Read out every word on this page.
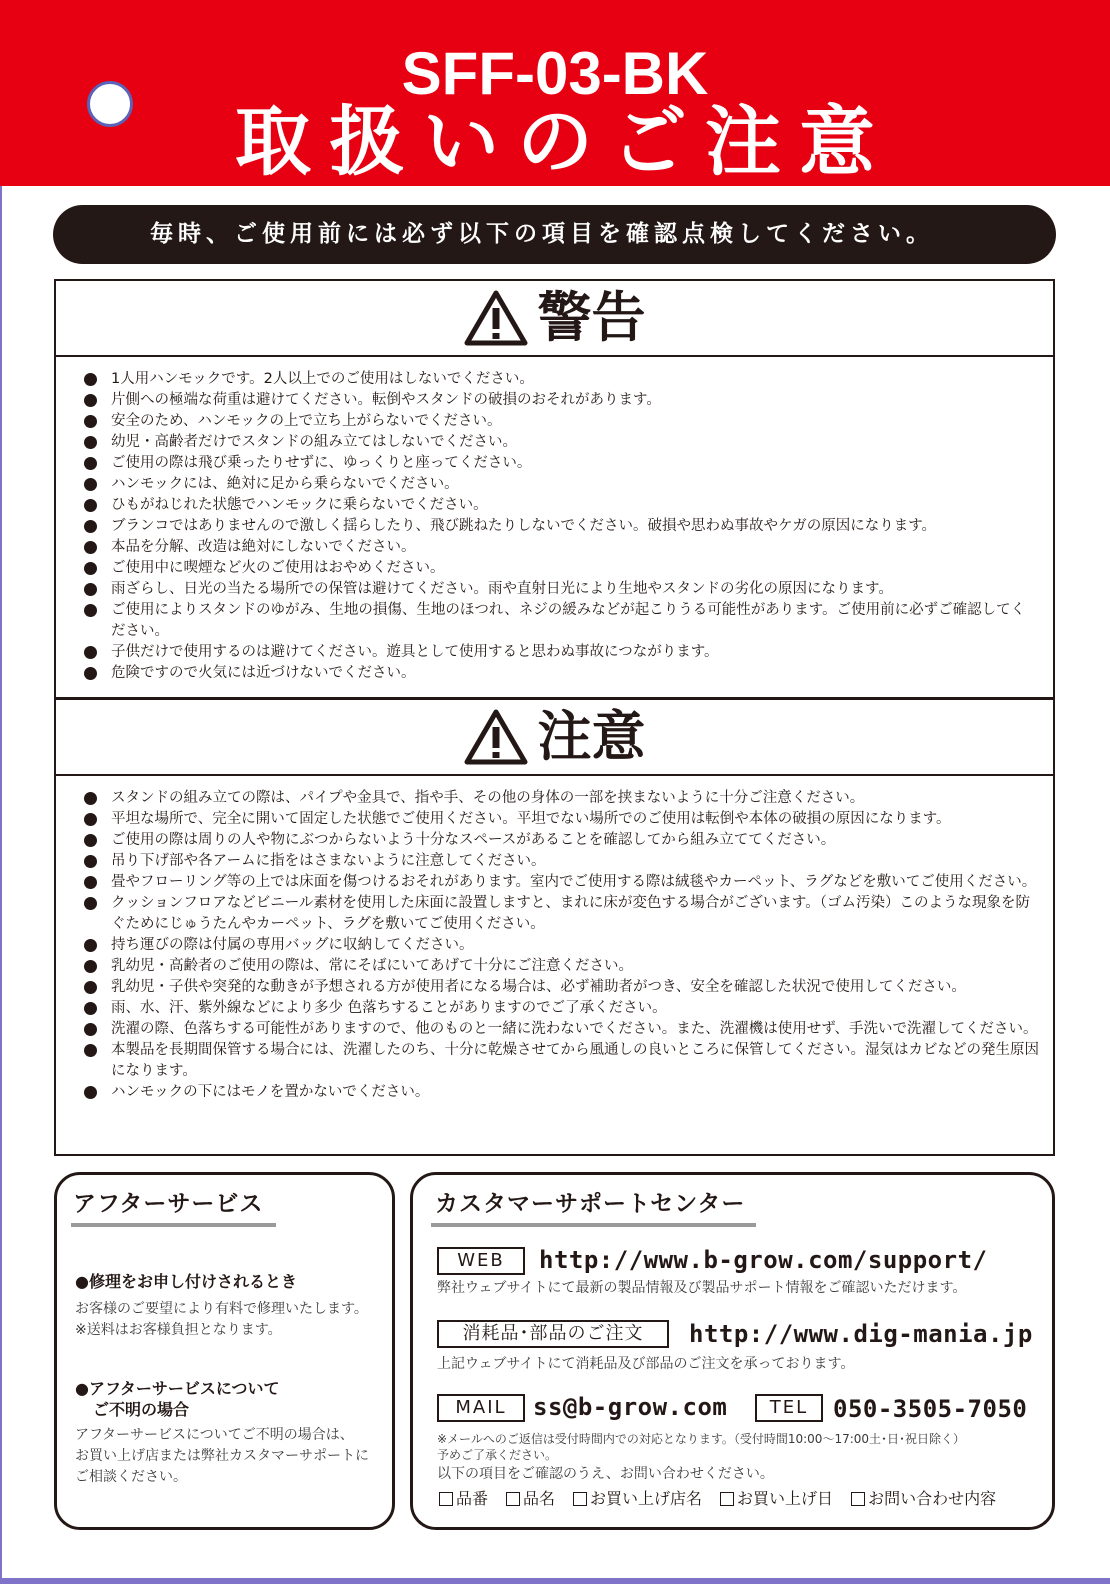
SFF-03-BK
取扱いのご注意
毎時、ご使用前には必ず以下の項目を確認点検してください。
警告
1人用ハンモックです。2人以上でのご使用はしないでください。
片側への極端な荷重は避けてください。転倒やスタンドの破損のおそれがあります。
安全のため、ハンモックの上で立ち上がらないでください。
幼児・高齢者だけでスタンドの組み立てはしないでください。
ご使用の際は飛び乗ったりせずに、ゆっくりと座ってください。
ハンモックには、絶対に足から乗らないでください。
ひもがねじれた状態でハンモックに乗らないでください。
ブランコではありませんので激しく揺らしたり、飛び跳ねたりしないでください。破損や思わぬ事故やケガの原因になります。
本品を分解、改造は絶対にしないでください。
ご使用中に喫煙など火のご使用はおやめください。
雨ざらし、日光の当たる場所での保管は避けてください。雨や直射日光により生地やスタンドの劣化の原因になります。
ご使用によりスタンドのゆがみ、生地の損傷、生地のほつれ、ネジの緩みなどが起こりうる可能性があります。ご使用前に必ずご確認してください。
子供だけで使用するのは避けてください。遊具として使用すると思わぬ事故につながります。
危険ですので火気には近づけないでください。
注意
スタンドの組み立ての際は、パイプや金具で、指や手、その他の身体の一部を挟まないように十分ご注意ください。
平坦な場所で、完全に開いて固定した状態でご使用ください。平坦でない場所でのご使用は転倒や本体の破損の原因になります。
ご使用の際は周りの人や物にぶつからないよう十分なスペースがあることを確認してから組み立ててください。
吊り下げ部や各アームに指をはさまないように注意してください。
畳やフローリング等の上では床面を傷つけるおそれがあります。室内でご使用する際は絨毯やカーペット、ラグなどを敷いてご使用ください。
クッションフロアなどビニール素材を使用した床面に設置しますと、まれに床が変色する場合がございます。（ゴム汚染）このような現象を防ぐためにじゅうたんやカーペット、ラグを敷いてご使用ください。
持ち運びの際は付属の専用バッグに収納してください。
乳幼児・高齢者のご使用の際は、常にそばにいてあげて十分にご注意ください。
乳幼児・子供や突発的な動きが予想される方が使用者になる場合は、必ず補助者がつき、安全を確認した状況で使用してください。
雨、水、汗、紫外線などにより多少 色落ちすることがありますのでご了承ください。
洗濯の際、色落ちする可能性がありますので、他のものと一緒に洗わないでください。また、洗濯機は使用せず、手洗いで洗濯してください。
本製品を長期間保管する場合には、洗濯したのち、十分に乾燥させてから風通しの良いところに保管してください。湿気はカビなどの発生原因になります。
ハンモックの下にはモノを置かないでください。
アフターサービス
●修理をお申し付けされるとき
お客様のご要望により有料で修理いたします。
※送料はお客様負担となります。
●アフターサービスについて
ご不明の場合
アフターサービスについてご不明の場合は、
お買い上げ店または弊社カスタマーサポートに
ご相談ください。
カスタマーサポートセンター
WEB	http://www.b-grow.com/support/
弊社ウェブサイトにて最新の製品情報及び製品サポート情報をご確認いただけます。
消耗品･部品のご注文	http://www.dig-mania.jp
上記ウェブサイトにて消耗品及び部品のご注文を承っております。
MAIL	ss@b-grow.com	TEL	050-3505-7050
※メールへのご返信は受付時間内での対応となります。（受付時間10:00～17:00土･日･祝日除く）
予めご了承ください。
以下の項目をご確認のうえ、お問い合わせください。
品番 品名 お買い上げ店名 お買い上げ日 お問い合わせ内容
